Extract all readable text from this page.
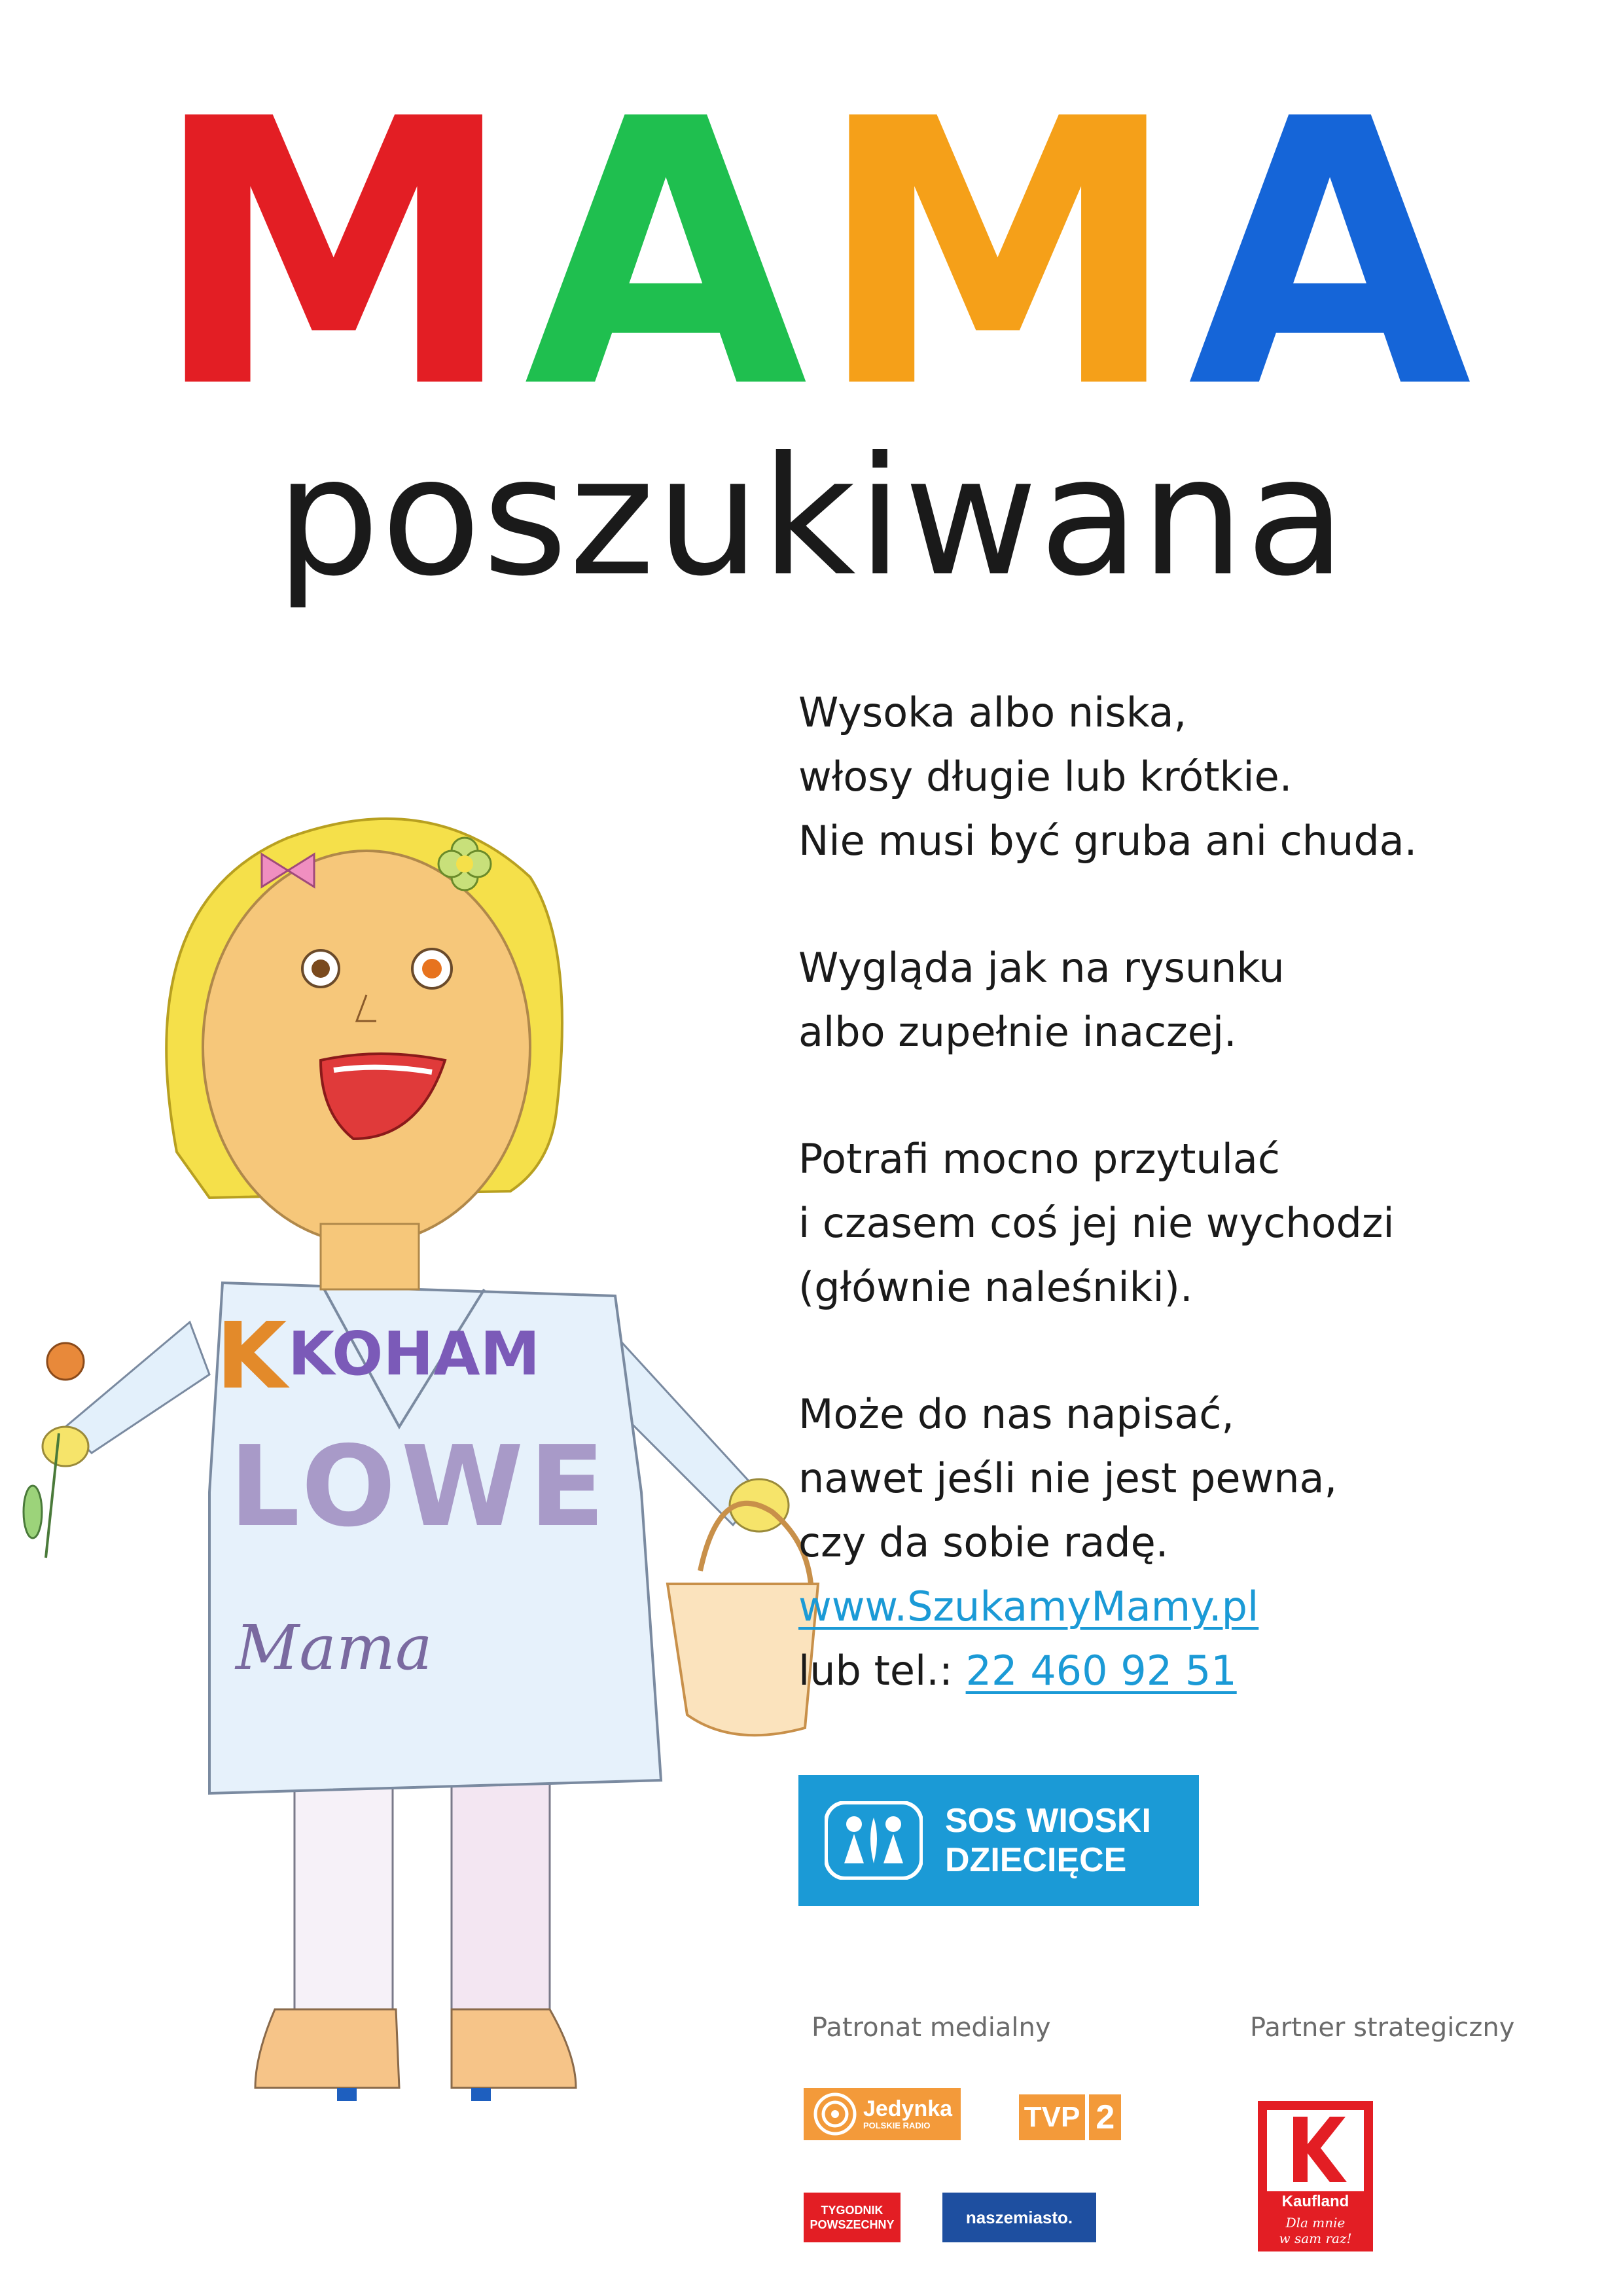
M A M A
poszukiwana
K KOHAM
LOWE
Mama
Wysoka albo niska,
włosy długie lub krótkie.
Nie musi być gruba ani chuda.
Wygląda jak na rysunku
albo zupełnie inaczej.
Potrafi mocno przytulać
i czasem coś jej nie wychodzi
(głównie naleśniki).
Może do nas napisać,
nawet jeśli nie jest pewna,
czy da sobie radę.
www.SzukamyMamy.pl
lub tel.: 22 460 92 51
SOS WIOSKI
DZIECIĘCE
Patronat medialny	Partner strategiczny
Jedynka
POLSKIE RADIO	TVP 2
TYGODNIK
POWSZECHNY	naszemiasto.
Kaufland
Dla mnie
w sam raz!
